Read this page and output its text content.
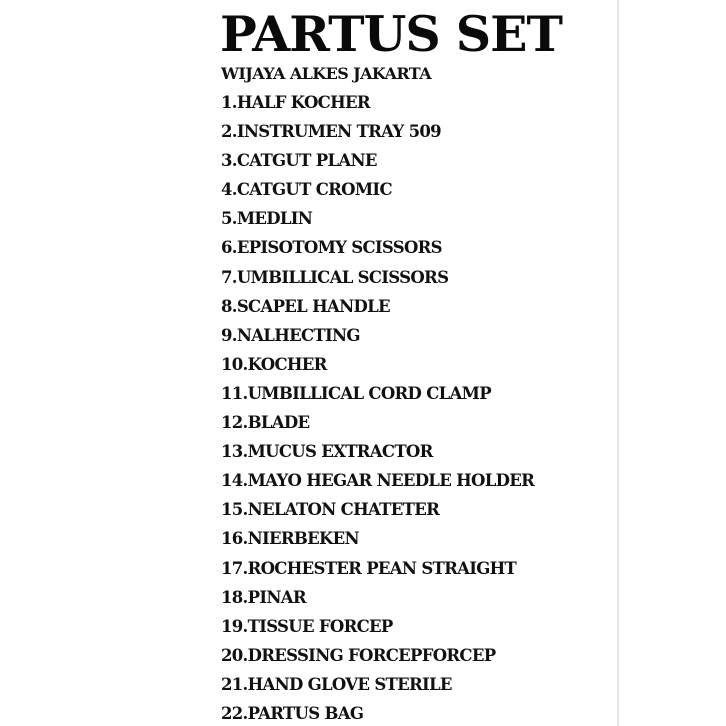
PARTUS SET
WIJAYA ALKES JAKARTA
1.HALF KOCHER
2.INSTRUMEN TRAY 509
3.CATGUT PLANE
4.CATGUT CROMIC
5.MEDLIN
6.EPISOTOMY SCISSORS
7.UMBILLICAL SCISSORS
8.SCAPEL HANDLE
9.NALHECTING
10.KOCHER
11.UMBILLICAL CORD CLAMP
12.BLADE
13.MUCUS EXTRACTOR
14.MAYO HEGAR NEEDLE HOLDER
15.NELATON CHATETER
16.NIERBEKEN
17.ROCHESTER PEAN STRAIGHT
18.PINAR
19.TISSUE FORCEP
20.DRESSING FORCEPFORCEP
21.HAND GLOVE STERILE
22.PARTUS BAG
